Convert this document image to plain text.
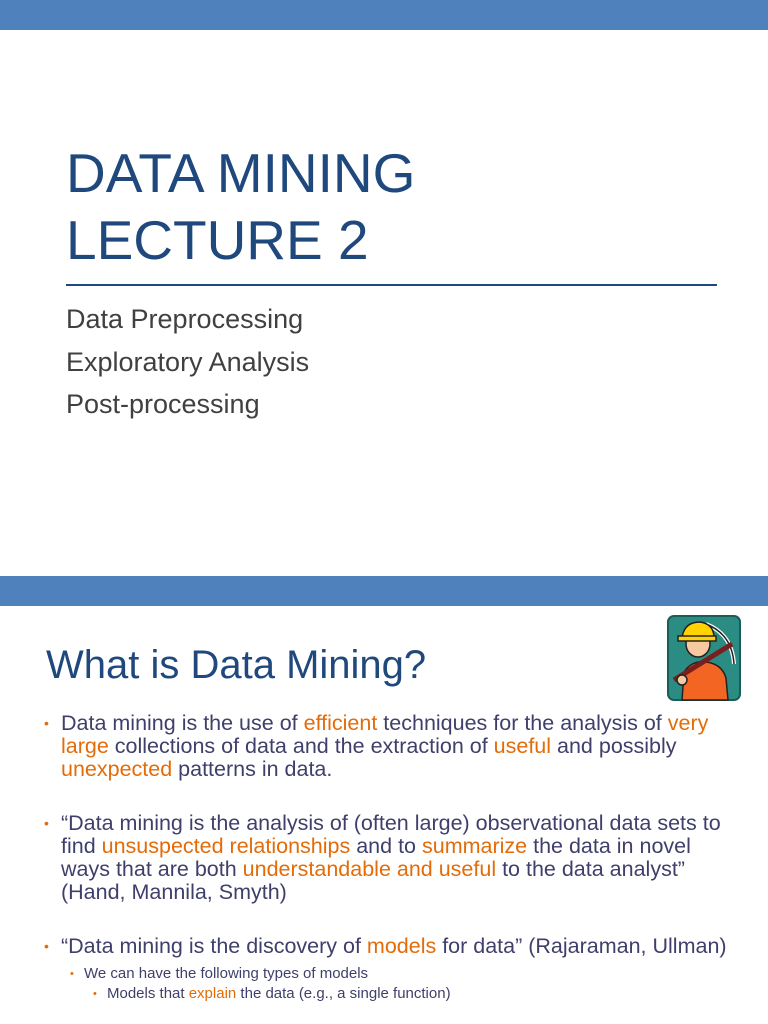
DATA MINING
LECTURE 2
Data Preprocessing
Exploratory Analysis
Post-processing
What is Data Mining?
• Data mining is the use of efficient techniques for the analysis of very large collections of data and the extraction of useful and possibly unexpected patterns in data.
• “Data mining is the analysis of (often large) observational data sets to find unsuspected relationships and to summarize the data in novel ways that are both understandable and useful to the data analyst” (Hand, Mannila, Smyth)
• “Data mining is the discovery of models for data” (Rajaraman, Ullman)
• We can have the following types of models
• Models that explain the data (e.g., a single function)
